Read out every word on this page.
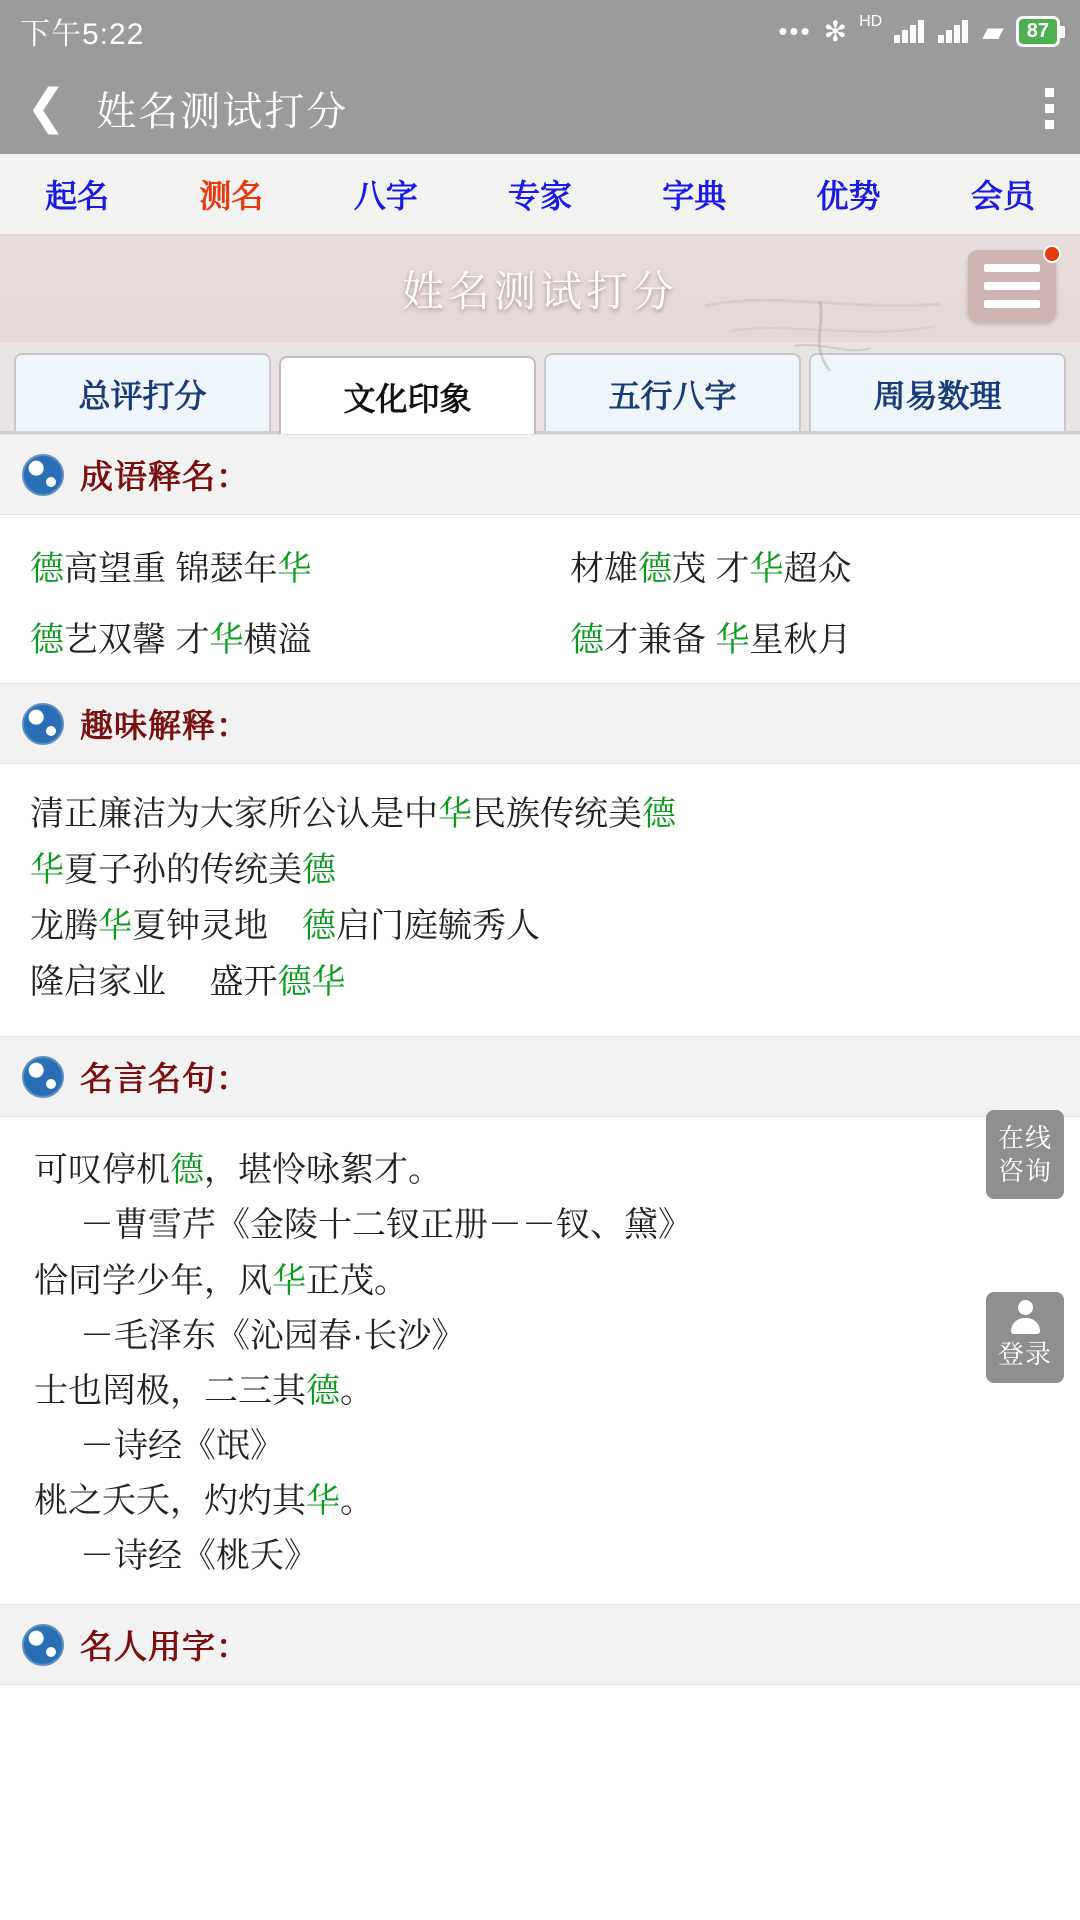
下午5:22	••• ✻ HD	▰	87
❮ 姓名测试打分
起名	测名	八字	专家	字典	优势	会员
姓名测试打分
总评打分	文化印象	五行八字	周易数理
成语释名：
德高望重 锦瑟年华	材雄德茂 才华超众
德艺双馨 才华横溢	德才兼备 华星秋月
趣味解释：

清正廉洁为大家所公认是中华民族传统美德

华夏子孙的传统美德

龙腾华夏钟灵地　德启门庭毓秀人

隆启家业　 盛开德华

名言名句：

可叹停机德，堪怜咏絮才。

－曹雪芹《金陵十二钗正册－－钗、黛》

恰同学少年，风华正茂。

－毛泽东《沁园春·长沙》

士也罔极，二三其德。

－诗经《氓》

桃之夭夭，灼灼其华。

－诗经《桃夭》

名人用字：
在线
咨询
登录
